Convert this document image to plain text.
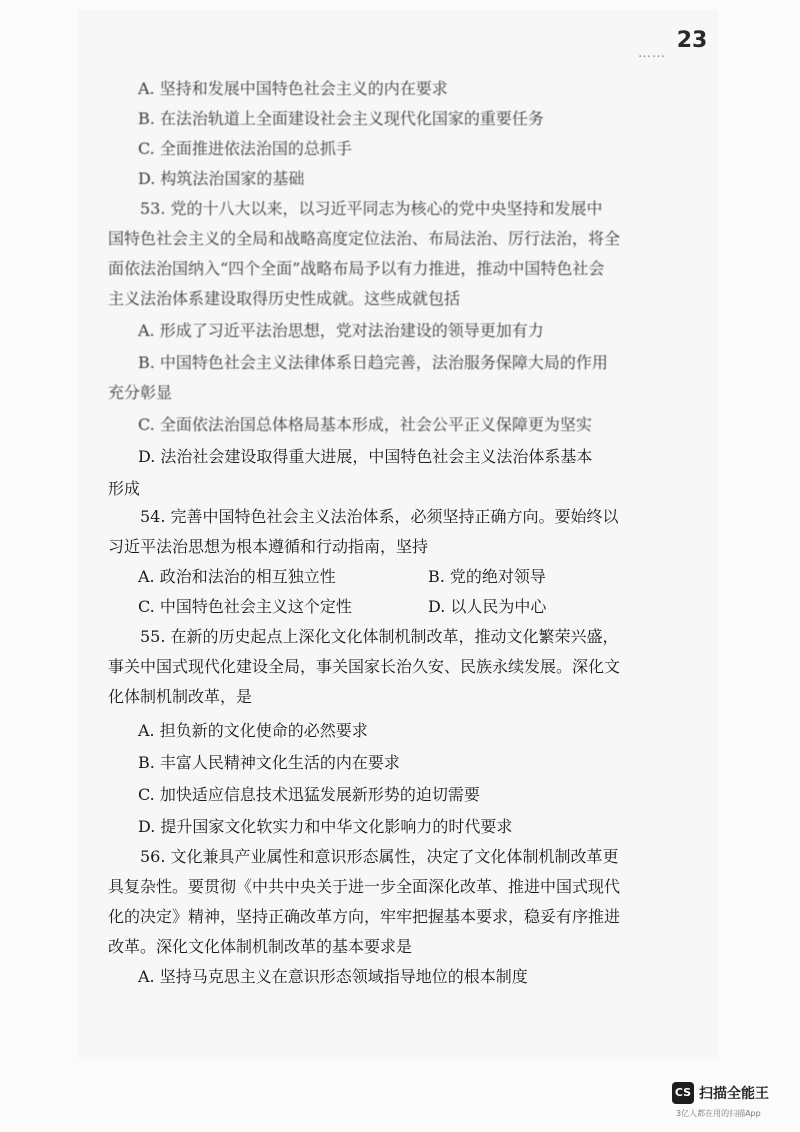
……
A. 坚持和发展中国特色社会主义的内在要求
B. 在法治轨道上全面建设社会主义现代化国家的重要任务
C. 全面推进依法治国的总抓手
D. 构筑法治国家的基础
53. 党的十八大以来，以习近平同志为核心的党中央坚持和发展中
国特色社会主义的全局和战略高度定位法治、布局法治、厉行法治，将全
面依法治国纳入“四个全面”战略布局予以有力推进，推动中国特色社会
主义法治体系建设取得历史性成就。这些成就包括
A. 形成了习近平法治思想，党对法治建设的领导更加有力
B. 中国特色社会主义法律体系日趋完善，法治服务保障大局的作用
充分彰显
C. 全面依法治国总体格局基本形成，社会公平正义保障更为坚实
D. 法治社会建设取得重大进展，中国特色社会主义法治体系基本
形成
54. 完善中国特色社会主义法治体系，必须坚持正确方向。要始终以
习近平法治思想为根本遵循和行动指南，坚持
A. 政治和法治的相互独立性	B. 党的绝对领导
C. 中国特色社会主义这个定性	D. 以人民为中心
55. 在新的历史起点上深化文化体制机制改革，推动文化繁荣兴盛，
事关中国式现代化建设全局，事关国家长治久安、民族永续发展。深化文
化体制机制改革，是
A. 担负新的文化使命的必然要求
B. 丰富人民精神文化生活的内在要求
C. 加快适应信息技术迅猛发展新形势的迫切需要
D. 提升国家文化软实力和中华文化影响力的时代要求
56. 文化兼具产业属性和意识形态属性，决定了文化体制机制改革更
具复杂性。要贯彻《中共中央关于进一步全面深化改革、推进中国式现代
化的决定》精神，坚持正确改革方向，牢牢把握基本要求，稳妥有序推进
改革。深化文化体制机制改革的基本要求是
A. 坚持马克思主义在意识形态领域指导地位的根本制度
23
CS 扫描全能王
3亿人都在用的扫描App
